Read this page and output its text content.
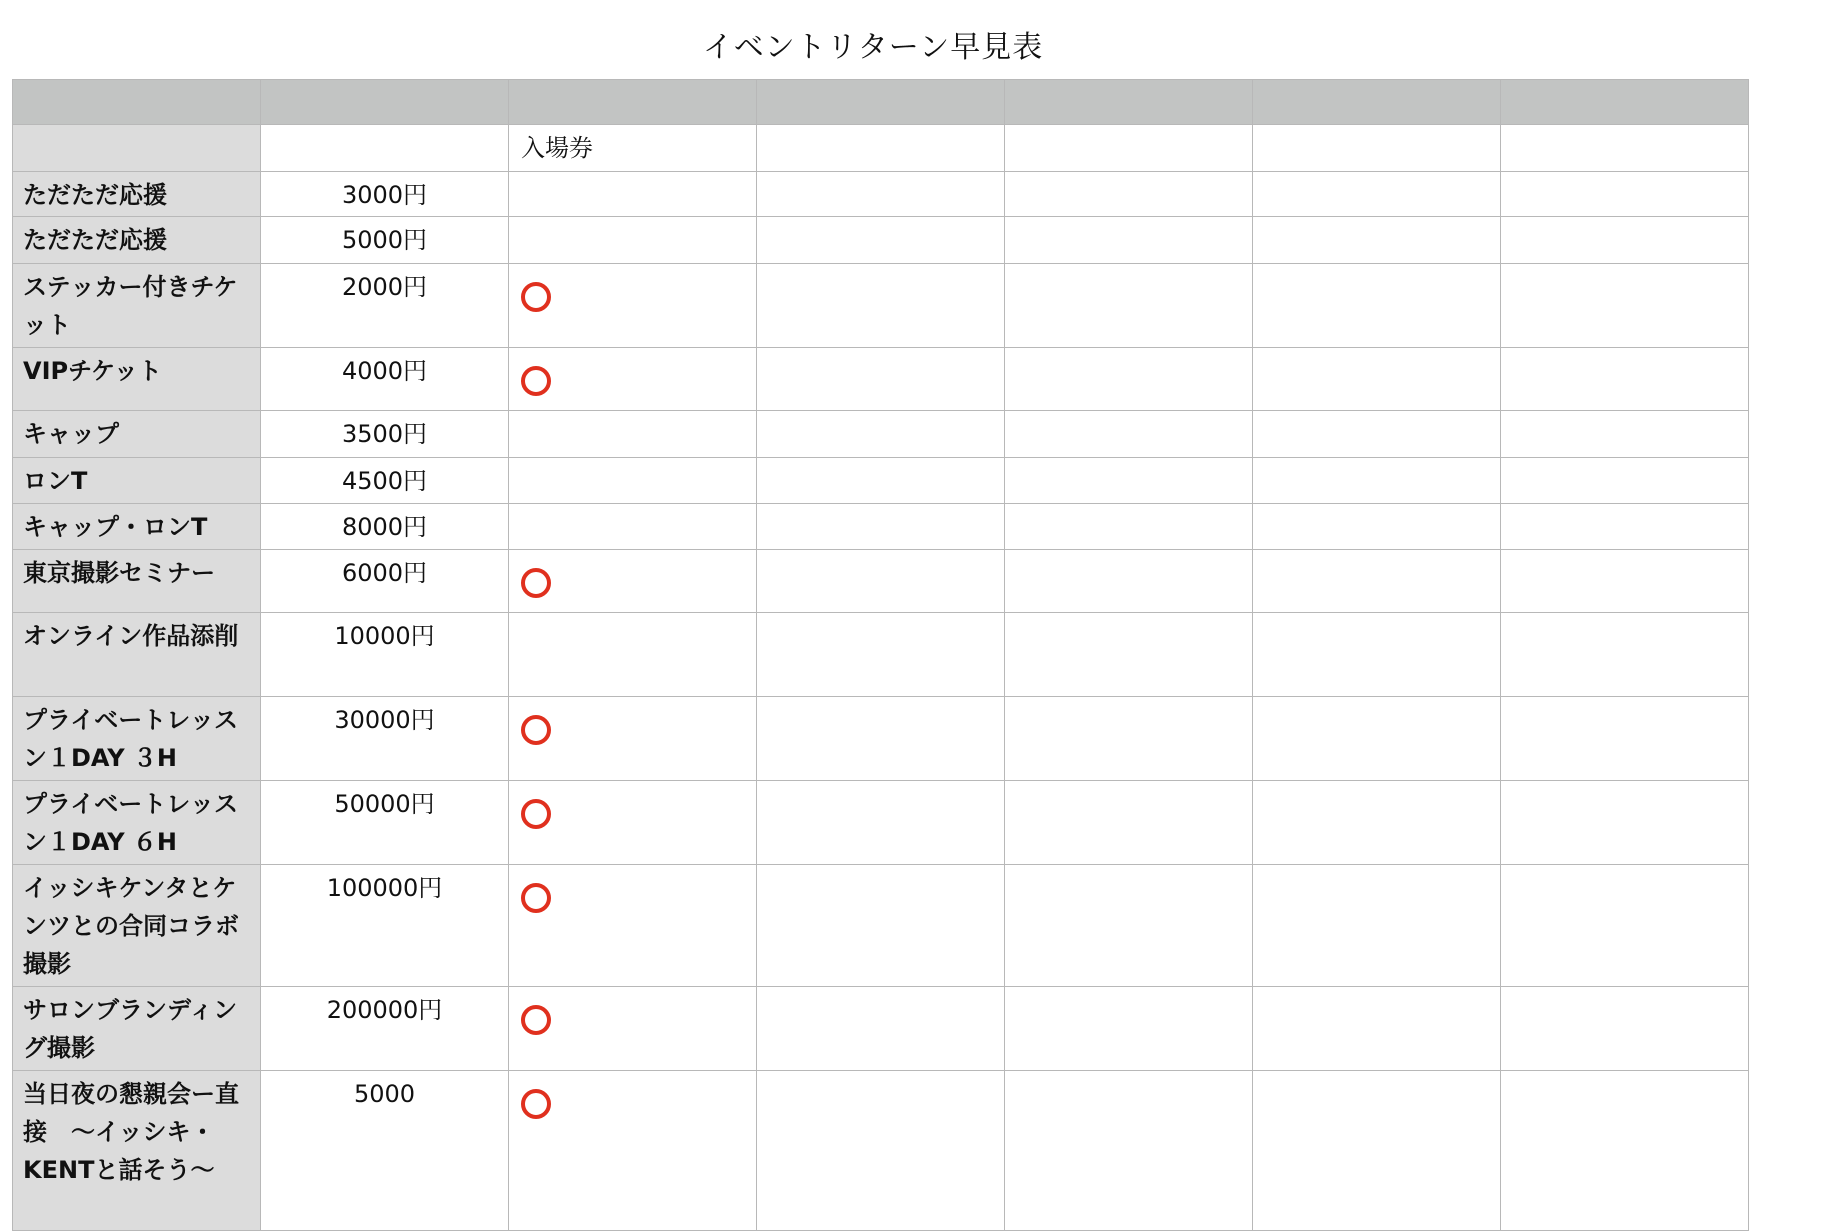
イベントリターン早見表

		入場券				
ただただ応援	3000円					
ただただ応援	5000円					
ステッカー付きチケット	2000円					
VIPチケット	4000円					
キャップ	3500円					
ロンT	4500円					
キャップ・ロンT	8000円					
東京撮影セミナー	6000円					
オンライン作品添削	10000円					
プライベートレッスン１DAY ３H	30000円					
プライベートレッスン１DAY ６H	50000円					
イッシキケンタとケンツとの合同コラボ撮影	100000円					
サロンブランディング撮影	200000円					
当日夜の懇親会ー直接　〜イッシキ・KENTと話そう〜	5000					
